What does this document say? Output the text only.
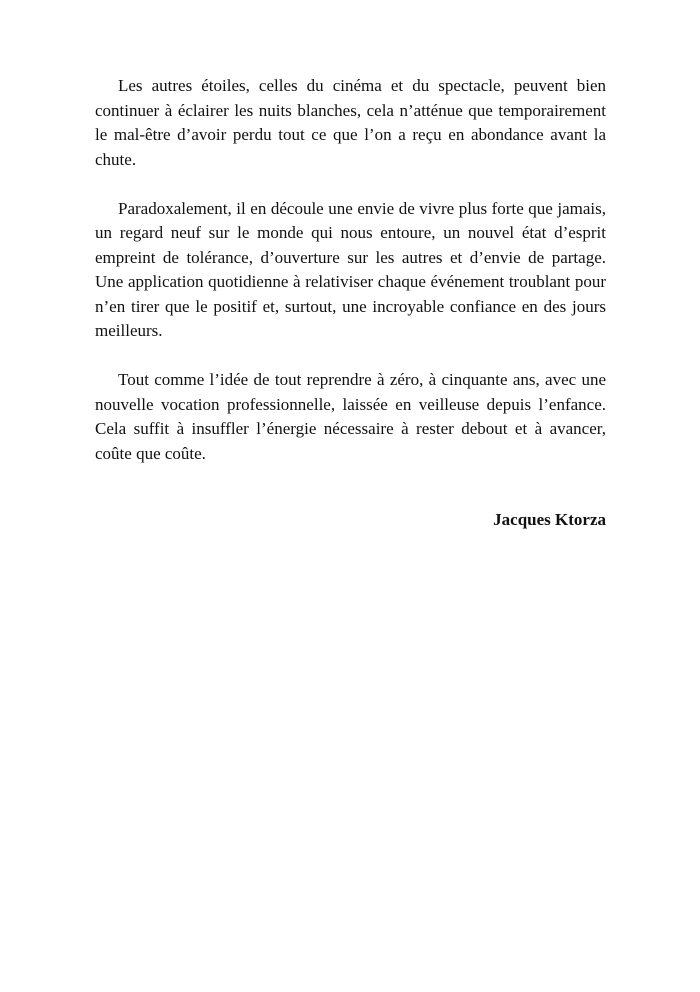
Les autres étoiles, celles du cinéma et du spectacle, peuvent bien continuer à éclairer les nuits blanches, cela n’atténue que temporairement le mal-être d’avoir perdu tout ce que l’on a reçu en abondance avant la chute.

Paradoxalement, il en découle une envie de vivre plus forte que jamais, un regard neuf sur le monde qui nous entoure, un nouvel état d’esprit empreint de tolérance, d’ouverture sur les autres et d’envie de partage. Une application quotidienne à relativiser chaque événement troublant pour n’en tirer que le positif et, surtout, une incroyable confiance en des jours meilleurs.

Tout comme l’idée de tout reprendre à zéro, à cinquante ans, avec une nouvelle vocation professionnelle, laissée en veilleuse depuis l’enfance. Cela suffit à insuffler l’énergie nécessaire à rester debout et à avancer, coûte que coûte.

Jacques Ktorza
